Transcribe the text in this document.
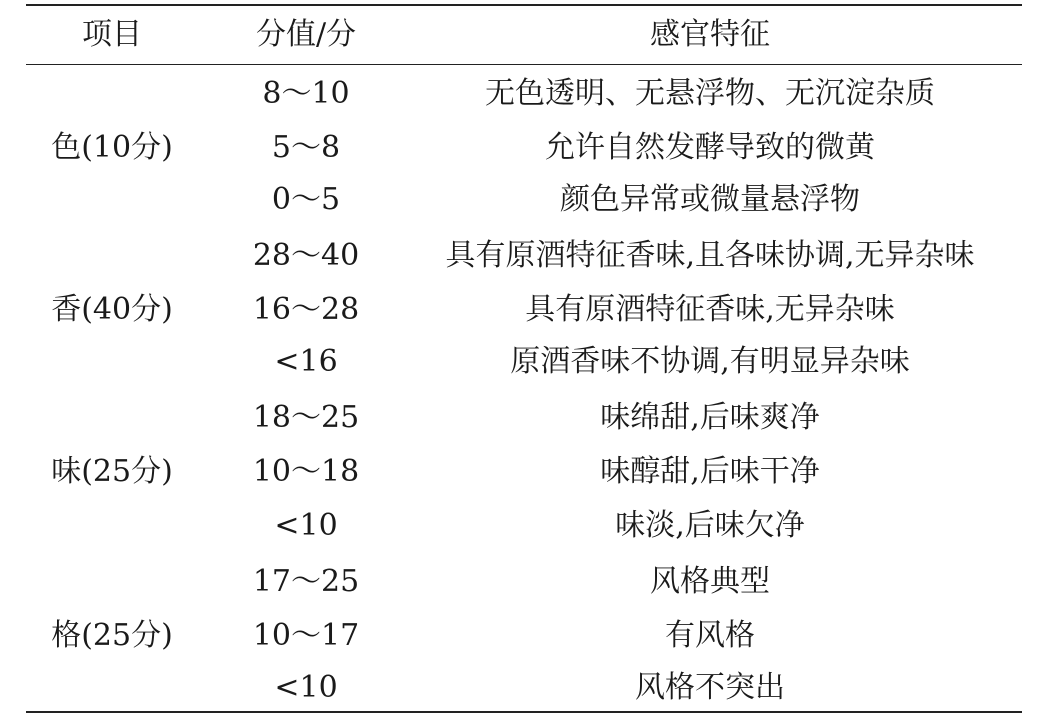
项目	分值/分	感官特征
色(10分)
8～10	无色透明、无悬浮物、无沉淀杂质
5～8	允许自然发酵导致的微黄
0～5	颜色异常或微量悬浮物
香(40分)
28～40	具有原酒特征香味,且各味协调,无异杂味
16～28	具有原酒特征香味,无异杂味
<16	原酒香味不协调,有明显异杂味
味(25分)
18～25	味绵甜,后味爽净
10～18	味醇甜,后味干净
<10	味淡,后味欠净
格(25分)
17～25	风格典型
10～17	有风格
<10	风格不突出
